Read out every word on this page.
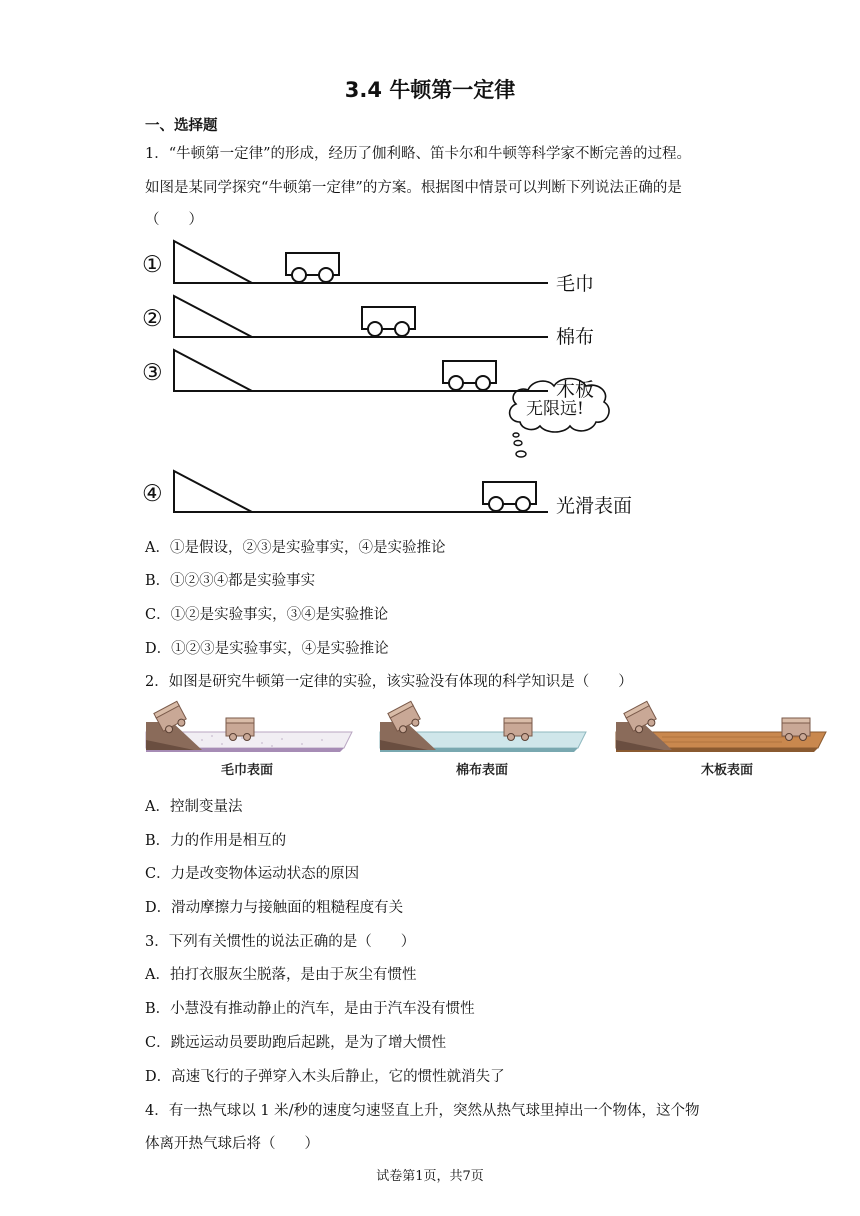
3.4 牛顿第一定律
一、选择题
1．“牛顿第一定律”的形成，经历了伽利略、笛卡尔和牛顿等科学家不断完善的过程。
如图是某同学探究“牛顿第一定律”的方案。根据图中情景可以判断下列说法正确的是
（　　）
①
②
③
④
毛巾
棉布
木板
光滑表面
无限远!
A．①是假设，②③是实验事实，④是实验推论
B．①②③④都是实验事实
C．①②是实验事实，③④是实验推论
D．①②③是实验事实，④是实验推论
2．如图是研究牛顿第一定律的实验，该实验没有体现的科学知识是（　　）
毛巾表面	棉布表面	木板表面
A．控制变量法
B．力的作用是相互的
C．力是改变物体运动状态的原因
D．滑动摩擦力与接触面的粗糙程度有关
3．下列有关惯性的说法正确的是（　　）
A．拍打衣服灰尘脱落，是由于灰尘有惯性
B．小慧没有推动静止的汽车，是由于汽车没有惯性
C．跳远运动员要助跑后起跳，是为了增大惯性
D．高速飞行的子弹穿入木头后静止，它的惯性就消失了
4．有一热气球以 1 米/秒的速度匀速竖直上升，突然从热气球里掉出一个物体，这个物
体离开热气球后将（　　）
试卷第1页，共7页
